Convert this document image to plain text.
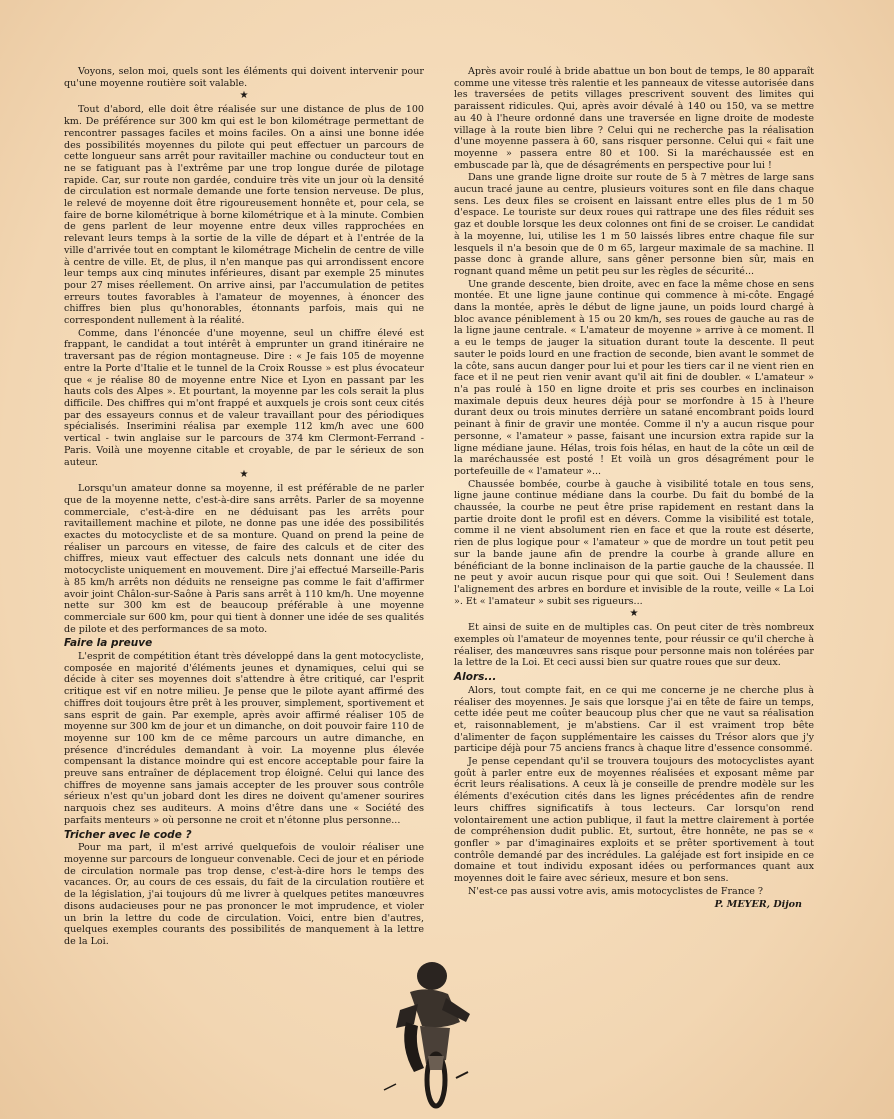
Voyons, selon moi, quels sont les éléments qui doivent intervenir pour qu'une moyenne routière soit valable.

★

Tout d'abord, elle doit être réalisée sur une distance de plus de 100 km. De préférence sur 300 km qui est le bon kilométrage permettant de rencontrer passages faciles et moins faciles. On a ainsi une bonne idée des possibilités moyennes du pilote qui peut effectuer un parcours de cette longueur sans arrêt pour ravitailler machine ou conducteur tout en ne se fatiguant pas à l'extrême par une trop longue durée de pilotage rapide. Car, sur route non gardée, conduire très vite un jour où la densité de circulation est normale demande une forte tension nerveuse. De plus, le relevé de moyenne doit être rigoureusement honnête et, pour cela, se faire de borne kilométrique à borne kilométrique et à la minute. Combien de gens parlent de leur moyenne entre deux villes rapprochées en relevant leurs temps à la sortie de la ville de départ et à l'entrée de la ville d'arrivée tout en comptant le kilométrage Michelin de centre de ville à centre de ville. Et, de plus, il n'en manque pas qui arrondissent encore leur temps aux cinq minutes inférieures, disant par exemple 25 minutes pour 27 mises réellement. On arrive ainsi, par l'accumulation de petites erreurs toutes favorables à l'amateur de moyennes, à énoncer des chiffres bien plus qu'honorables, étonnants parfois, mais qui ne correspondent nullement à la réalité.

Comme, dans l'énoncée d'une moyenne, seul un chiffre élevé est frappant, le candidat a tout intérêt à emprunter un grand itinéraire ne traversant pas de région montagneuse. Dire : « Je fais 105 de moyenne entre la Porte d'Italie et le tunnel de la Croix Rousse » est plus évocateur que « je réalise 80 de moyenne entre Nice et Lyon en passant par les hauts cols des Alpes ». Et pourtant, la moyenne par les cols serait la plus difficile. Des chiffres qui m'ont frappé et auxquels je crois sont ceux cités par des essayeurs connus et de valeur travaillant pour des périodiques spécialisés. Inserimini réalisa par exemple 112 km/h avec une 600 vertical - twin anglaise sur le parcours de 374 km Clermont-Ferrand - Paris. Voilà une moyenne citable et croyable, de par le sérieux de son auteur.

★

Lorsqu'un amateur donne sa moyenne, il est préférable de ne parler que de la moyenne nette, c'est-à-dire sans arrêts. Parler de sa moyenne commerciale, c'est-à-dire en ne déduisant pas les arrêts pour ravitaillement machine et pilote, ne donne pas une idée des possibilités exactes du motocycliste et de sa monture. Quand on prend la peine de réaliser un parcours en vitesse, de faire des calculs et de citer des chiffres, mieux vaut effectuer des calculs nets donnant une idée du motocycliste uniquement en mouvement. Dire j'ai effectué Marseille-Paris à 85 km/h arrêts non déduits ne renseigne pas comme le fait d'affirmer avoir joint Châlon-sur-Saône à Paris sans arrêt à 110 km/h. Une moyenne nette sur 300 km est de beaucoup préférable à une moyenne commerciale sur 600 km, pour qui tient à donner une idée de ses qualités de pilote et des performances de sa moto.

Faire la preuve

L'esprit de compétition étant très développé dans la gent motocycliste, composée en majorité d'éléments jeunes et dynamiques, celui qui se décide à citer ses moyennes doit s'attendre à être critiqué, car l'esprit critique est vif en notre milieu. Je pense que le pilote ayant affirmé des chiffres doit toujours être prêt à les prouver, simplement, sportivement et sans esprit de gain. Par exemple, après avoir affirmé réaliser 105 de moyenne sur 300 km de jour et un dimanche, on doit pouvoir faire 110 de moyenne sur 100 km de ce même parcours un autre dimanche, en présence d'incrédules demandant à voir. La moyenne plus élevée compensant la distance moindre qui est encore acceptable pour faire la preuve sans entraîner de déplacement trop éloigné. Celui qui lance des chiffres de moyenne sans jamais accepter de les prouver sous contrôle sérieux n'est qu'un jobard dont les dires ne doivent qu'amener sourires narquois chez ses auditeurs. A moins d'être dans une « Société des parfaits menteurs » où personne ne croit et n'étonne plus personne...

Tricher avec le code ?

Pour ma part, il m'est arrivé quelquefois de vouloir réaliser une moyenne sur parcours de longueur convenable. Ceci de jour et en période de circulation normale pas trop dense, c'est-à-dire hors le temps des vacances. Or, au cours de ces essais, du fait de la circulation routière et de la législation, j'ai toujours dû me livrer à quelques petites manœuvres disons audacieuses pour ne pas prononcer le mot imprudence, et violer un brin la lettre du code de circulation. Voici, entre bien d'autres, quelques exemples courants des possibilités de manquement à la lettre de la Loi.

Après avoir roulé à bride abattue un bon bout de temps, le 80 apparaît comme une vitesse très ralentie et les panneaux de vitesse autorisée dans les traversées de petits villages prescrivent souvent des limites qui paraissent ridicules. Qui, après avoir dévalé à 140 ou 150, va se mettre au 40 à l'heure ordonné dans une traversée en ligne droite de modeste village à la route bien libre ? Celui qui ne recherche pas la réalisation d'une moyenne passera à 60, sans risquer personne. Celui qui « fait une moyenne » passera entre 80 et 100. Si la maréchaussée est en embuscade par là, que de désagréments en perspective pour lui !

Dans une grande ligne droite sur route de 5 à 7 mètres de large sans aucun tracé jaune au centre, plusieurs voitures sont en file dans chaque sens. Les deux files se croisent en laissant entre elles plus de 1 m 50 d'espace. Le touriste sur deux roues qui rattrape une des files réduit ses gaz et double lorsque les deux colonnes ont fini de se croiser. Le candidat à la moyenne, lui, utilise les 1 m 50 laissés libres entre chaque file sur lesquels il n'a besoin que de 0 m 65, largeur maximale de sa machine. Il passe donc à grande allure, sans gêner personne bien sûr, mais en rognant quand même un petit peu sur les règles de sécurité...

Une grande descente, bien droite, avec en face la même chose en sens montée. Et une ligne jaune continue qui commence à mi-côte. Engagé dans la montée, après le début de ligne jaune, un poids lourd chargé à bloc avance péniblement à 15 ou 20 km/h, ses roues de gauche au ras de la ligne jaune centrale. « L'amateur de moyenne » arrive à ce moment. Il a eu le temps de jauger la situation durant toute la descente. Il peut sauter le poids lourd en une fraction de seconde, bien avant le sommet de la côte, sans aucun danger pour lui et pour les tiers car il ne vient rien en face et il ne peut rien venir avant qu'il ait fini de doubler. « L'amateur » n'a pas roulé à 150 en ligne droite et pris ses courbes en inclinaison maximale depuis deux heures déjà pour se morfondre à 15 à l'heure durant deux ou trois minutes derrière un satané encombrant poids lourd peinant à finir de gravir une montée. Comme il n'y a aucun risque pour personne, « l'amateur » passe, faisant une incursion extra rapide sur la ligne médiane jaune. Hélas, trois fois hélas, en haut de la côte un œil de la maréchaussée est posté ! Et voilà un gros désagrément pour le portefeuille de « l'amateur »...

Chaussée bombée, courbe à gauche à visibilité totale en tous sens, ligne jaune continue médiane dans la courbe. Du fait du bombé de la chaussée, la courbe ne peut être prise rapidement en restant dans la partie droite dont le profil est en dévers. Comme la visibilité est totale, comme il ne vient absolument rien en face et que la route est déserte, rien de plus logique pour « l'amateur » que de mordre un tout petit peu sur la bande jaune afin de prendre la courbe à grande allure en bénéficiant de la bonne inclinaison de la partie gauche de la chaussée. Il ne peut y avoir aucun risque pour qui que soit. Oui ! Seulement dans l'alignement des arbres en bordure et invisible de la route, veille « La Loi ». Et « l'amateur » subit ses rigueurs...

★

Et ainsi de suite en de multiples cas. On peut citer de très nombreux exemples où l'amateur de moyennes tente, pour réussir ce qu'il cherche à réaliser, des manœuvres sans risque pour personne mais non tolérées par la lettre de la Loi. Et ceci aussi bien sur quatre roues que sur deux.

Alors...

Alors, tout compte fait, en ce qui me concerne je ne cherche plus à réaliser des moyennes. Je sais que lorsque j'ai en tête de faire un temps, cette idée peut me coûter beaucoup plus cher que ne vaut sa réalisation et, raisonnablement, je m'abstiens. Car il est vraiment trop bête d'alimenter de façon supplémentaire les caisses du Trésor alors que j'y participe déjà pour 75 anciens francs à chaque litre d'essence consommé.

Je pense cependant qu'il se trouvera toujours des motocyclistes ayant goût à parler entre eux de moyennes réalisées et exposant même par écrit leurs réalisations. A ceux là je conseille de prendre modèle sur les éléments d'exécution cités dans les lignes précédentes afin de rendre leurs chiffres significatifs à tous lecteurs. Car lorsqu'on rend volontairement une action publique, il faut la mettre clairement à portée de compréhension dudit public. Et, surtout, être honnête, ne pas se « gonfler » par d'imaginaires exploits et se prêter sportivement à tout contrôle demandé par des incrédules. La galéjade est fort insipide en ce domaine et tout individu exposant idées ou performances quant aux moyennes doit le faire avec sérieux, mesure et bon sens.

N'est-ce pas aussi votre avis, amis motocyclistes de France ?

P. MEYER, Dijon
